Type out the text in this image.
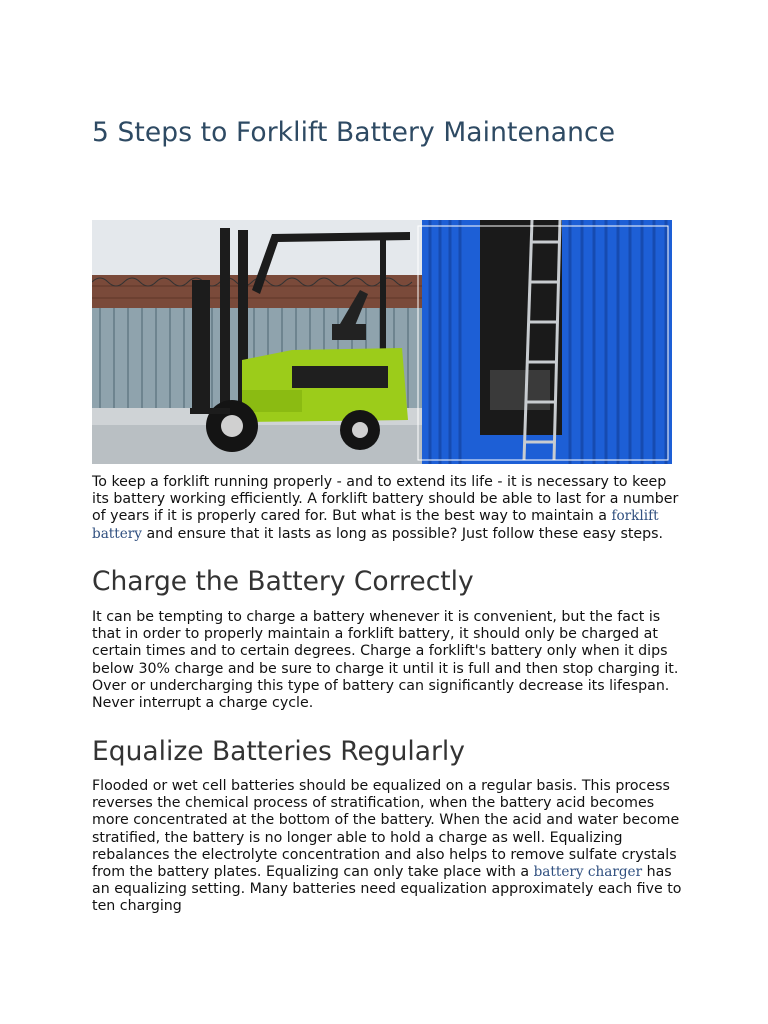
5 Steps to Forklift Battery Maintenance

To keep a forklift running properly - and to extend its life - it is necessary to keep its battery working efficiently. A forklift battery should be able to last for a number of years if it is properly cared for. But what is the best way to maintain a forklift battery and ensure that it lasts as long as possible? Just follow these easy steps.

Charge the Battery Correctly

It can be tempting to charge a battery whenever it is convenient, but the fact is that in order to properly maintain a forklift battery, it should only be charged at certain times and to certain degrees. Charge a forklift's battery only when it dips below 30% charge and be sure to charge it until it is full and then stop charging it. Over or undercharging this type of battery can significantly decrease its lifespan. Never interrupt a charge cycle.

Equalize Batteries Regularly

Flooded or wet cell batteries should be equalized on a regular basis. This process reverses the chemical process of stratification, when the battery acid becomes more concentrated at the bottom of the battery. When the acid and water become stratified, the battery is no longer able to hold a charge as well. Equalizing rebalances the electrolyte concentration and also helps to remove sulfate crystals from the battery plates. Equalizing can only take place with a battery charger has an equalizing setting. Many batteries need equalization approximately each five to ten charging
